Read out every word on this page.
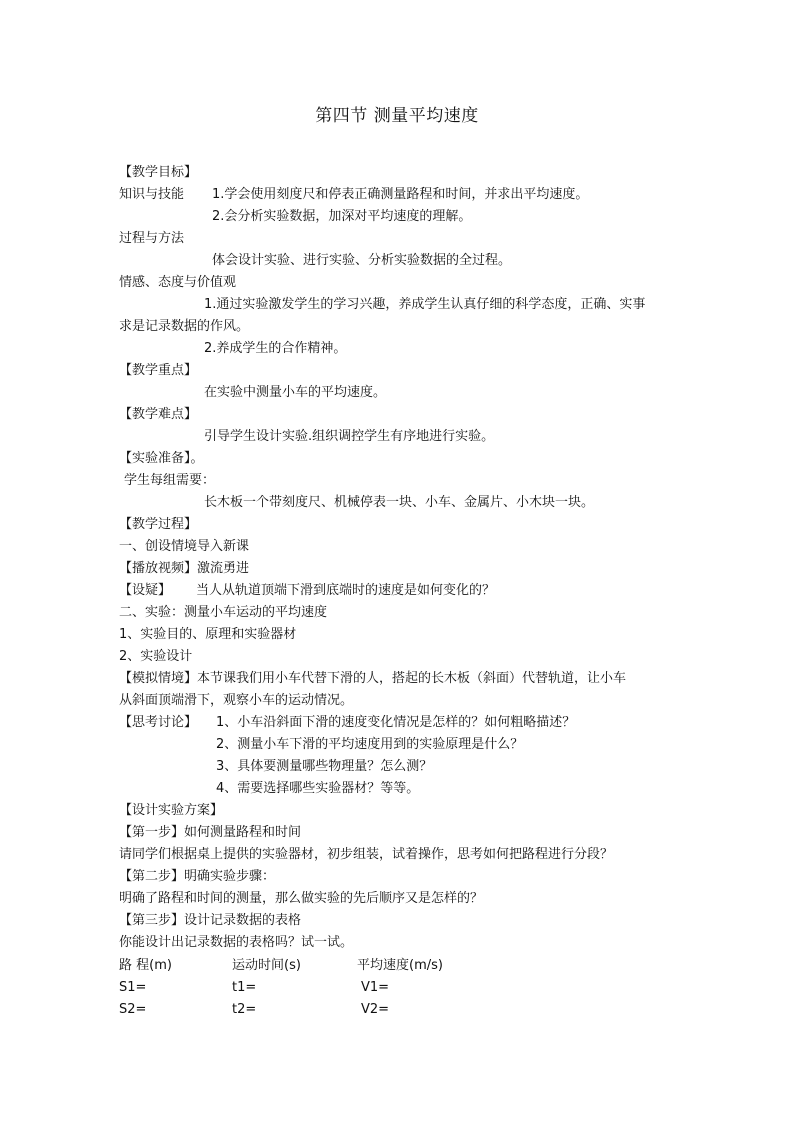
第四节 测量平均速度
【教学目标】
知识与技能 1.学会使用刻度尺和停表正确测量路程和时间，并求出平均速度。
2.会分析实验数据，加深对平均速度的理解。
过程与方法
体会设计实验、进行实验、分析实验数据的全过程。
情感、态度与价值观
1.通过实验激发学生的学习兴趣，养成学生认真仔细的科学态度，正确、实事
求是记录数据的作风。
2.养成学生的合作精神。
【教学重点】
在实验中测量小车的平均速度。
【教学难点】
引导学生设计实验.组织调控学生有序地进行实验。
【实验准备】。
学生每组需要：
长木板一个带刻度尺、机械停表一块、小车、金属片、小木块一块。
【教学过程】
一、创设情境导入新课
【播放视频】激流勇进
【设疑】 当人从轨道顶端下滑到底端时的速度是如何变化的？
二、实验：测量小车运动的平均速度
1、实验目的、原理和实验器材
2、实验设计
【模拟情境】本节课我们用小车代替下滑的人，搭起的长木板（斜面）代替轨道，让小车
从斜面顶端滑下，观察小车的运动情况。
【思考讨论】 1、小车沿斜面下滑的速度变化情况是怎样的？如何粗略描述？
2、测量小车下滑的平均速度用到的实验原理是什么？
3、具体要测量哪些物理量？怎么测？
4、需要选择哪些实验器材？等等。
【设计实验方案】
【第一步】如何测量路程和时间
请同学们根据桌上提供的实验器材，初步组装，试着操作，思考如何把路程进行分段？
【第二步】明确实验步骤：
明确了路程和时间的测量，那么做实验的先后顺序又是怎样的？
【第三步】设计记录数据的表格
你能设计出记录数据的表格吗？试一试。
路 程(m)	运动时间(s)	平均速度(m/s)
S1=	t1=	V1=
S2=	t2=	V2=
